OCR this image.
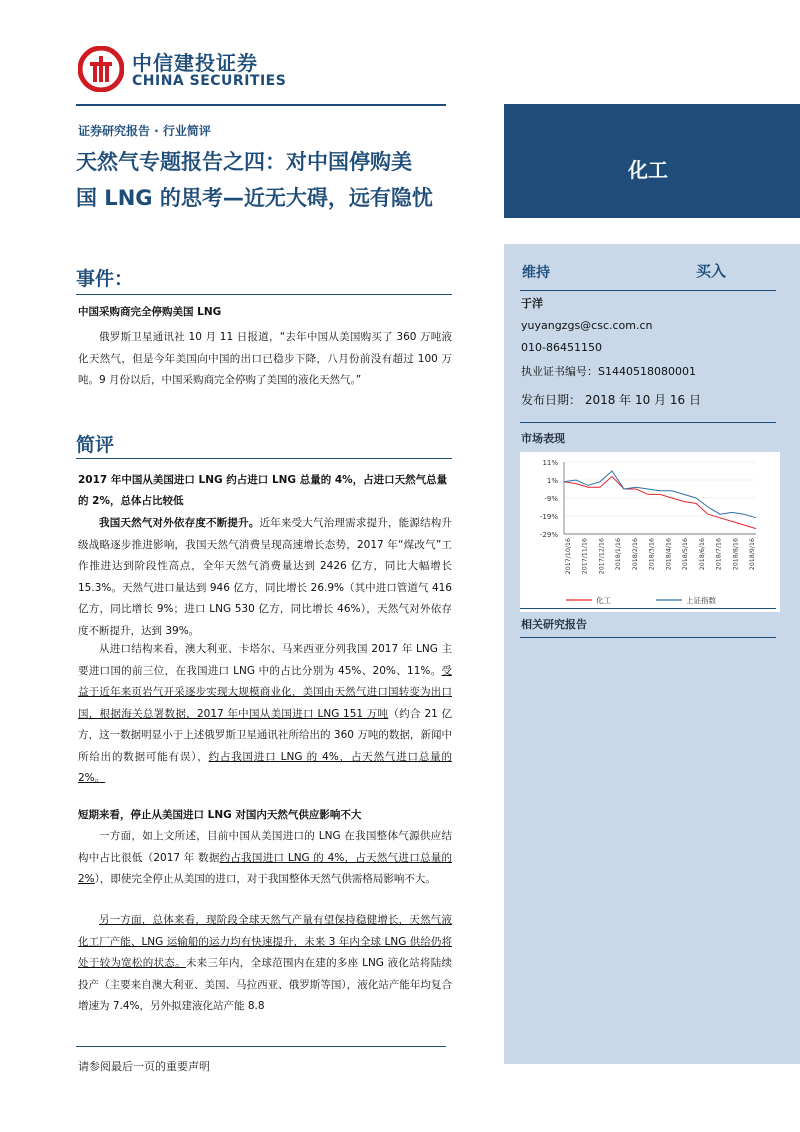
中信建投证券
CHINA SECURITIES
证券研究报告 · 行业简评
天然气专题报告之四：对中国停购美
国 LNG 的思考—近无大碍，远有隐忧
化工
维持	买入
于洋
yuyangzgs@csc.com.cn
010-86451150
执业证书编号：S1440518080001
发布日期： 2018 年 10 月 16 日
市场表现
11%
1%
-9%
-19%
-29%
2017/10/16 2017/11/16 2017/12/16 2018/1/16 2018/2/16 2018/3/16 2018/4/16 2018/5/16 2018/6/16 2018/7/16 2018/8/16 2018/9/16
化工	上证指数
相关研究报告
事件：
中国采购商完全停购美国 LNG

俄罗斯卫星通讯社 10 月 11 日报道，“去年中国从美国购买了 360 万吨液化天然气，但是今年美国向中国的出口已稳步下降，八月份前没有超过 100 万吨。9 月份以后，中国采购商完全停购了美国的液化天然气。”

简评
2017 年中国从美国进口 LNG 约占进口 LNG 总量的 4%，占进口天然气总量的 2%，总体占比较低

我国天然气对外依存度不断提升。近年来受大气治理需求提升，能源结构升级战略逐步推进影响，我国天然气消费呈现高速增长态势，2017 年“煤改气”工作推进达到阶段性高点，全年天然气消费量达到 2426 亿方，同比大幅增长 15.3%。天然气进口量达到 946 亿方，同比增长 26.9%（其中进口管道气 416 亿方，同比增长 9%；进口 LNG 530 亿方，同比增长 46%），天然气对外依存度不断提升，达到 39%。

从进口结构来看，澳大利亚、卡塔尔、马来西亚分列我国 2017 年 LNG 主要进口国的前三位，在我国进口 LNG 中的占比分别为 45%、20%、11%。受益于近年来页岩气开采逐步实现大规模商业化，美国由天然气进口国转变为出口国，根据海关总署数据，2017 年中国从美国进口 LNG 151 万吨（约合 21 亿方，这一数据明显小于上述俄罗斯卫星通讯社所给出的 360 万吨的数据，新闻中所给出的数据可能有误），约占我国进口 LNG 的 4%，占天然气进口总量的 2%。

短期来看，停止从美国进口 LNG 对国内天然气供应影响不大

一方面，如上文所述，目前中国从美国进口的 LNG 在我国整体气源供应结构中占比很低（2017 年 数据约占我国进口 LNG 的 4%，占天然气进口总量的 2%），即使完全停止从美国的进口，对于我国整体天然气供需格局影响不大。

另一方面，总体来看，现阶段全球天然气产量有望保持稳健增长，天然气液化工厂产能、LNG 运输船的运力均有快速提升，未来 3 年内全球 LNG 供给仍将处于较为宽松的状态。未来三年内，全球范围内在建的多座 LNG 液化站将陆续投产（主要来自澳大利亚、美国、马拉西亚、俄罗斯等国），液化站产能年均复合增速为 7.4%，另外拟建液化站产能 8.8

请参阅最后一页的重要声明
